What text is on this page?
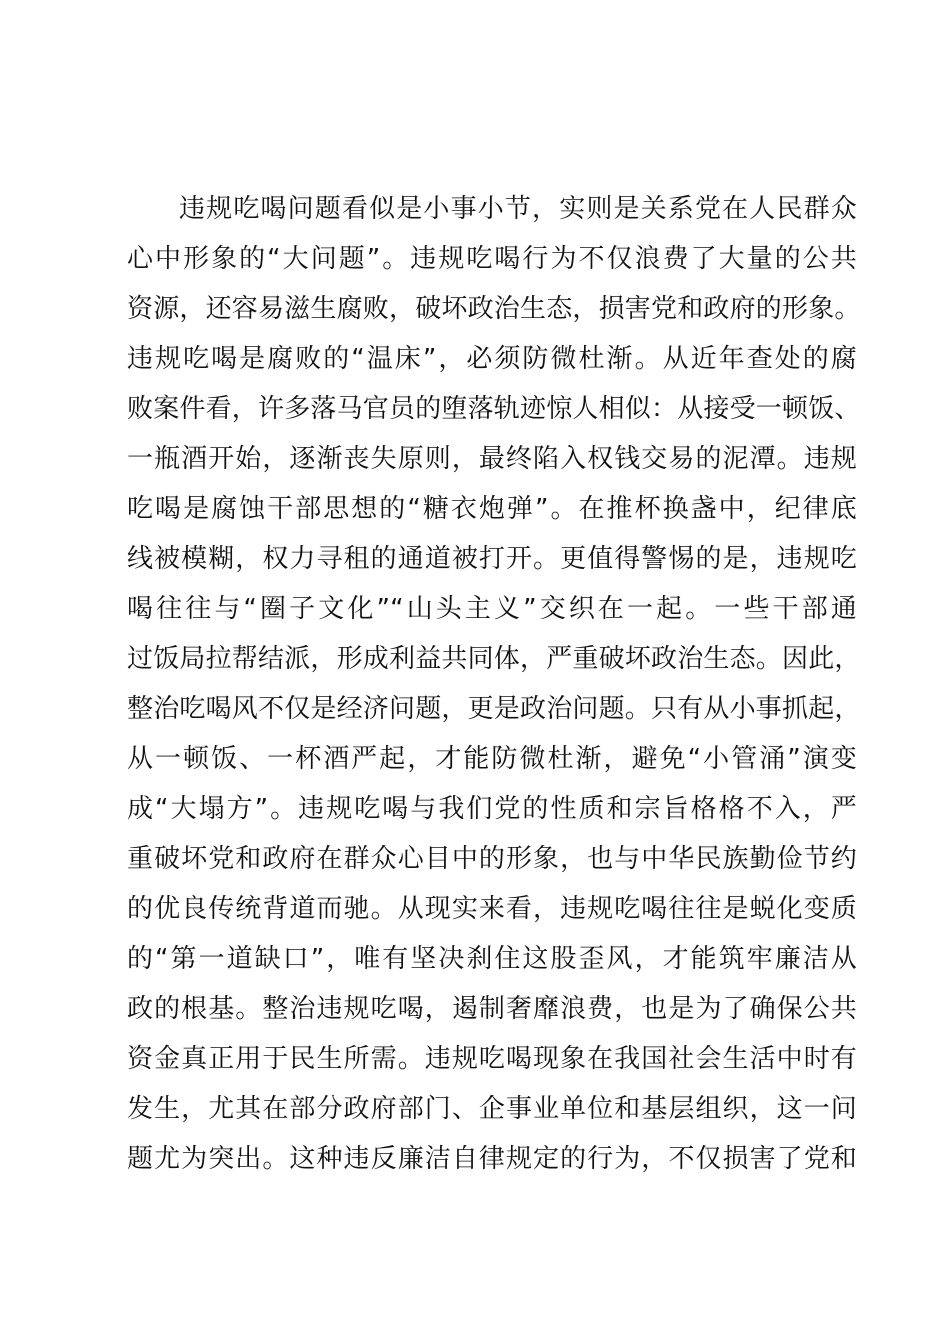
违规吃喝问题看似是小事小节，实则是关系党在人民群众
心中形象的“大问题”。违规吃喝行为不仅浪费了大量的公共
资源，还容易滋生腐败，破坏政治生态，损害党和政府的形象。
违规吃喝是腐败的“温床”，必须防微杜渐。从近年查处的腐
败案件看，许多落马官员的堕落轨迹惊人相似：从接受一顿饭、
一瓶酒开始，逐渐丧失原则，最终陷入权钱交易的泥潭。违规
吃喝是腐蚀干部思想的“糖衣炮弹”。在推杯换盏中，纪律底
线被模糊，权力寻租的通道被打开。更值得警惕的是，违规吃
喝往往与“圈子文化”“山头主义”交织在一起。一些干部通
过饭局拉帮结派，形成利益共同体，严重破坏政治生态。因此，
整治吃喝风不仅是经济问题，更是政治问题。只有从小事抓起，
从一顿饭、一杯酒严起，才能防微杜渐，避免“小管涌”演变
成“大塌方”。违规吃喝与我们党的性质和宗旨格格不入，严
重破坏党和政府在群众心目中的形象，也与中华民族勤俭节约
的优良传统背道而驰。从现实来看，违规吃喝往往是蜕化变质
的“第一道缺口”，唯有坚决刹住这股歪风，才能筑牢廉洁从
政的根基。整治违规吃喝，遏制奢靡浪费，也是为了确保公共
资金真正用于民生所需。违规吃喝现象在我国社会生活中时有
发生，尤其在部分政府部门、企事业单位和基层组织，这一问
题尤为突出。这种违反廉洁自律规定的行为，不仅损害了党和
